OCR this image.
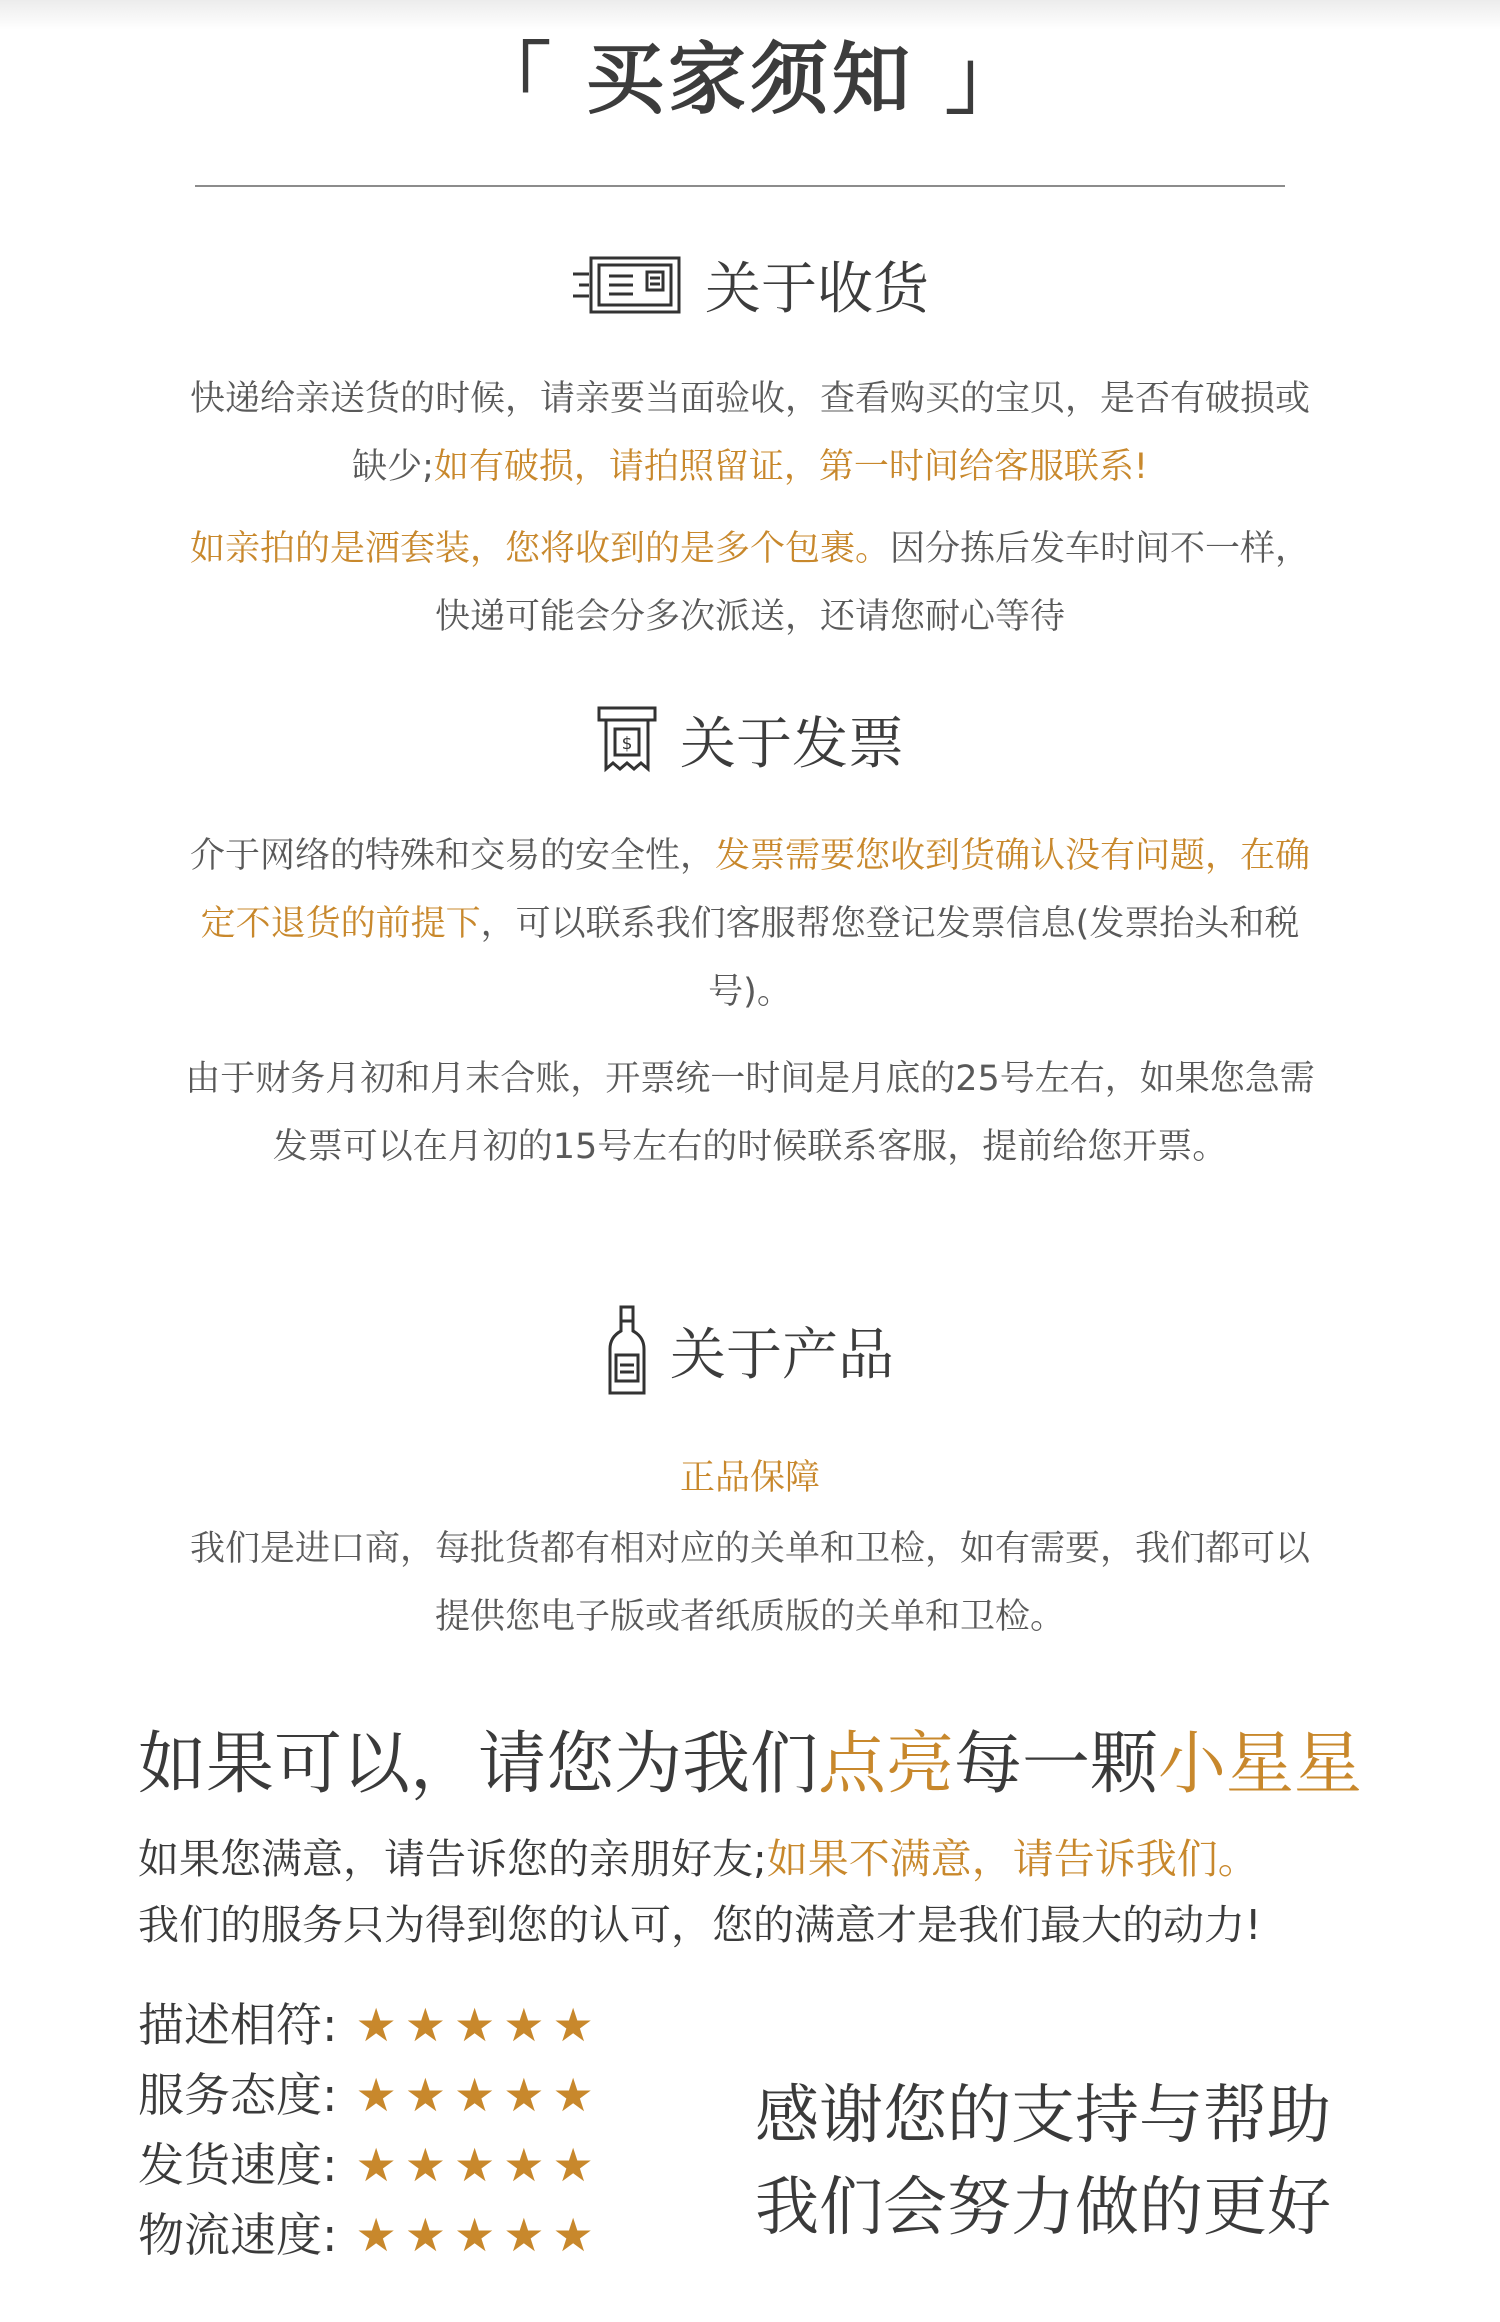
「 买家须知 」
关于收货
快递给亲送货的时候，请亲要当面验收，查看购买的宝贝，是否有破损或缺少;如有破损，请拍照留证，第一时间给客服联系!
如亲拍的是酒套装，您将收到的是多个包裹。因分拣后发车时间不一样，快递可能会分多次派送，还请您耐心等待
$ 关于发票
介于网络的特殊和交易的安全性，发票需要您收到货确认没有问题，在确定不退货的前提下，可以联系我们客服帮您登记发票信息(发票抬头和税号)。
由于财务月初和月末合账，开票统一时间是月底的25号左右，如果您急需发票可以在月初的15号左右的时候联系客服，提前给您开票。
关于产品
正品保障
我们是进口商，每批货都有相对应的关单和卫检，如有需要，我们都可以提供您电子版或者纸质版的关单和卫检。
如果可以，请您为我们点亮每一颗小星星
如果您满意，请告诉您的亲朋好友;如果不满意，请告诉我们。
我们的服务只为得到您的认可，您的满意才是我们最大的动力!
描述相符: ★★★★★
服务态度: ★★★★★
发货速度: ★★★★★
物流速度: ★★★★★
感谢您的支持与帮助
我们会努力做的更好
